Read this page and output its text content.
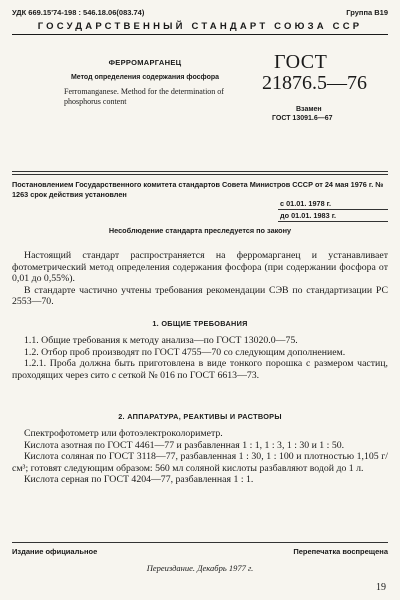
УДК 669.15'74-198 : 546.18.06(083.74)	Группа В19
ГОСУДАРСТВЕННЫЙ СТАНДАРТ СОЮЗА ССР
ФЕРРОМАРГАНЕЦ
Метод определения содержания фосфора
Ferromanganese. Method for the determination of phosphorus content
ГОСТ
21876.5—76
Взамен
ГОСТ 13091.6—67
Постановлением Государственного комитета стандартов Совета Министров СССР от 24 мая 1976 г. № 1263 срок действия установлен
с 01.01. 1978 г.
до 01.01. 1983 г.
Несоблюдение стандарта преследуется по закону

Настоящий стандарт распространяется на ферромарганец и устанавливает фотометрический метод определения содержания фосфора (при содержании фосфора от 0,01 до 0,55%).

В стандарте частично учтены требования рекомендации СЭВ по стандартизации РС 2553—70.

1. ОБЩИЕ ТРЕБОВАНИЯ

1.1. Общие требования к методу анализа—по ГОСТ 13020.0—75.

1.2. Отбор проб производят по ГОСТ 4755—70 со следующим дополнением.

1.2.1. Проба должна быть приготовлена в виде тонкого порошка с размером частиц, проходящих через сито с сеткой № 016 по ГОСТ 6613—73.

2. АППАРАТУРА, РЕАКТИВЫ И РАСТВОРЫ

Спектрофотометр или фотоэлектроколориметр.

Кислота азотная по ГОСТ 4461—77 и разбавленная 1 : 1, 1 : 3, 1 : 30 и 1 : 50.

Кислота соляная по ГОСТ 3118—77, разбавленная 1 : 30, 1 : 100 и плотностью 1,105 г/см³; готовят следующим образом: 560 мл соляной кислоты разбавляют водой до 1 л.

Кислота серная по ГОСТ 4204—77, разбавленная 1 : 1.

Издание официальное	Перепечатка воспрещена
Переиздание. Декабрь 1977 г.
19
